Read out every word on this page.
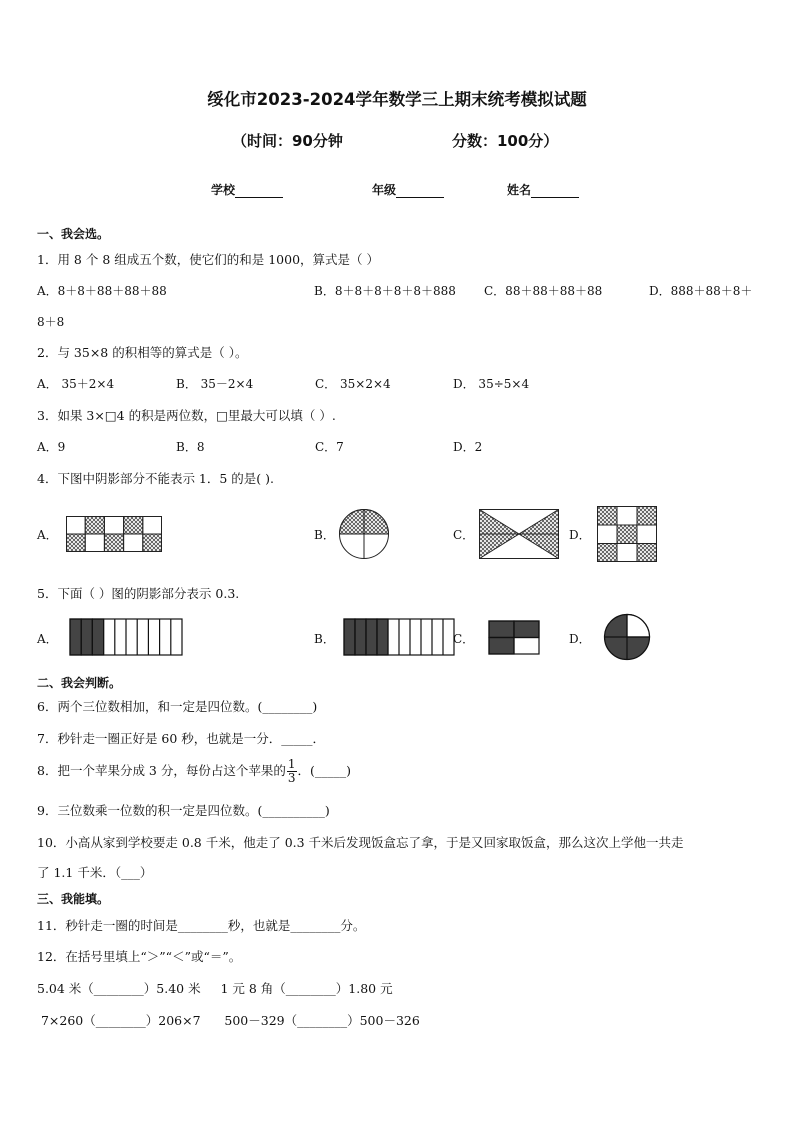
绥化市2023-2024学年数学三上期末统考模拟试题
（时间：90分钟	分数：100分）
学校	年级	姓名
一、我会选。
1．用 8 个 8 组成五个数，使它们的和是 1000，算式是（ ）
A．8＋8＋88＋88＋88	B．8＋8＋8＋8＋8＋888 C．88＋88＋88＋88	D．888＋88＋8＋
8＋8
2．与 35×8 的积相等的算式是（ ）。
A． 35＋2×4	B． 35－2×4	C． 35×2×4	D． 35÷5×4
3．如果 3×□4 的积是两位数，□里最大可以填（ ）.
A．9	B．8	C．7	D．2
4．下图中阴影部分不能表示 1．5 的是( ).
A．	B．	C．	D．
5．下面（ ）图的阴影部分表示 0.3.
A．	B．	C．	D．
二、我会判断。
6．两个三位数相加，和一定是四位数。(________)
7．秒针走一圈正好是 60 秒，也就是一分．_____．
8．把一个苹果分成 3 分，每份占这个苹果的 $\frac{1}{3}$ ．(_____)
9．三位数乘一位数的积一定是四位数。(__________)
10．小高从家到学校要走 0.8 千米，他走了 0.3 千米后发现饭盒忘了拿，于是又回家取饭盒，那么这次上学他一共走
了 1.1 千米．（___）
三、我能填。
11．秒针走一圈的时间是________秒，也就是________分。
12．在括号里填上“＞”“＜”或“＝”。
5.04 米（________）5.40 米     1 元 8 角（________）1.80 元
7×260（________）206×7      500－329（________）500－326
